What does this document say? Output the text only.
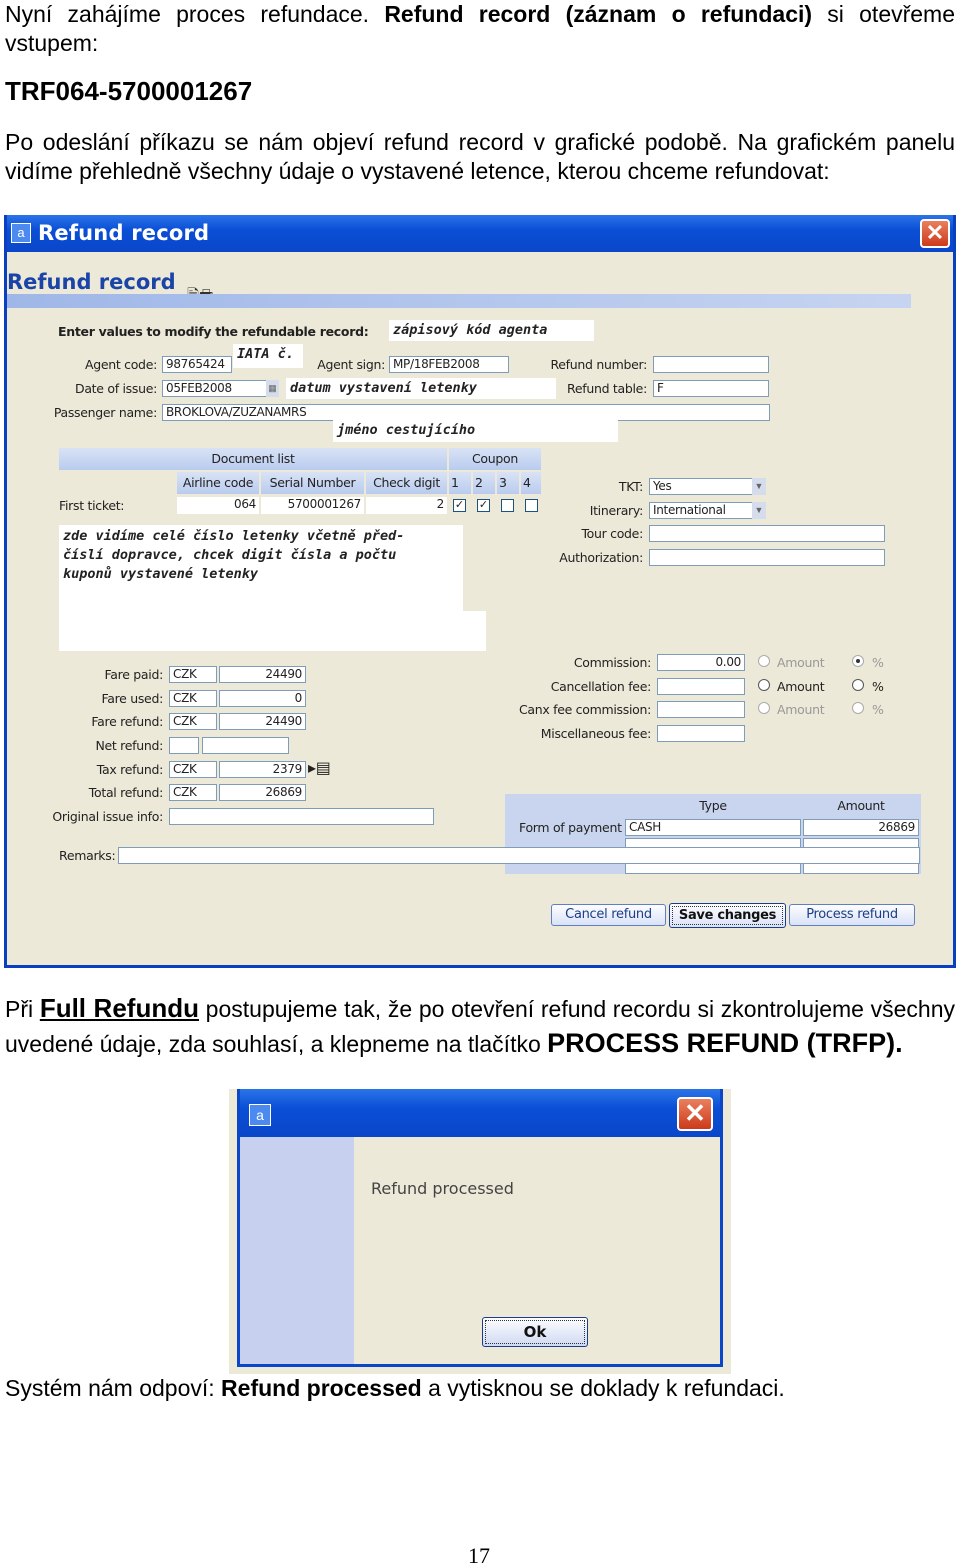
Nyní zahájíme proces refundace. Refund record (záznam o refundaci) si otevřeme vstupem:

TRF064-5700001267

Po odeslání příkazu se nám objeví refund record v grafické podobě. Na grafickém panelu vidíme přehledně všechny údaje o vystavené letence, kterou chceme refundovat:

a Refund record	✕
Refund record
Enter values to modify the refundable record: zápisový kód agenta
Agent code: 98765424
IATA č.
Agent sign: MP/18FEB2008	Refund number:
Date of issue: 05FEB2008	▦ datum vystavení letenky	Refund table: F
Passenger name: BROKLOVA/ZUZANAMRS
jméno cestujícího
Document list	Coupon
Airline code	Serial Number	Check digit 1	2	3	4
First ticket:	064	5700001267	2 ✓ ✓
zde vidíme celé číslo letenky včetně před-
číslí dopravce, chcek digit čísla a počtu
kuponů vystavené letenky
TKT: Yes	▼
Itinerary: International	▼
Tour code:
Authorization:
Fare paid: CZK	24490
Fare used: CZK	0
Fare refund: CZK	24490
Net refund:
Tax refund: CZK	2379 ▸▤
Total refund: CZK	26869
Original issue info:
Commission:	0.00	Amount	%
Cancellation fee:	Amount	%
Canx fee commission:	Amount	%
Miscellaneous fee:
Form of payment
Type	Amount
CASH	26869
Remarks:
Cancel refund	Save changes	Process refund

Při Full Refundu postupujeme tak, že po otevření refund recordu si zkontrolujeme všechny uvedené údaje, zda souhlasí, a klepneme na tlačítko PROCESS REFUND (TRFP).

a	✕
Refund processed
Ok

Systém nám odpoví: Refund processed a vytisknou se doklady k refundaci.

17
